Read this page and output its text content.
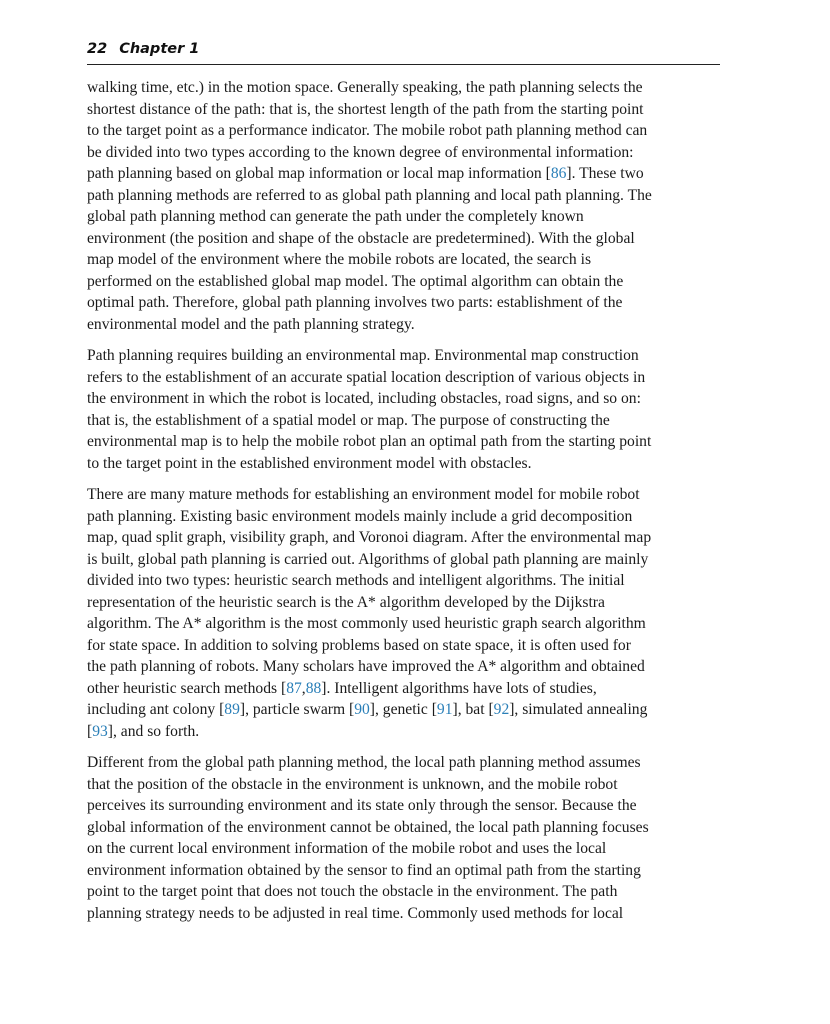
22 Chapter 1
walking time, etc.) in the motion space. Generally speaking, the path planning selects the
shortest distance of the path: that is, the shortest length of the path from the starting point
to the target point as a performance indicator. The mobile robot path planning method can
be divided into two types according to the known degree of environmental information:
path planning based on global map information or local map information [86]. These two
path planning methods are referred to as global path planning and local path planning. The
global path planning method can generate the path under the completely known
environment (the position and shape of the obstacle are predetermined). With the global
map model of the environment where the mobile robots are located, the search is
performed on the established global map model. The optimal algorithm can obtain the
optimal path. Therefore, global path planning involves two parts: establishment of the
environmental model and the path planning strategy.
Path planning requires building an environmental map. Environmental map construction
refers to the establishment of an accurate spatial location description of various objects in
the environment in which the robot is located, including obstacles, road signs, and so on:
that is, the establishment of a spatial model or map. The purpose of constructing the
environmental map is to help the mobile robot plan an optimal path from the starting point
to the target point in the established environment model with obstacles.
There are many mature methods for establishing an environment model for mobile robot
path planning. Existing basic environment models mainly include a grid decomposition
map, quad split graph, visibility graph, and Voronoi diagram. After the environmental map
is built, global path planning is carried out. Algorithms of global path planning are mainly
divided into two types: heuristic search methods and intelligent algorithms. The initial
representation of the heuristic search is the A* algorithm developed by the Dijkstra
algorithm. The A* algorithm is the most commonly used heuristic graph search algorithm
for state space. In addition to solving problems based on state space, it is often used for
the path planning of robots. Many scholars have improved the A* algorithm and obtained
other heuristic search methods [87,88]. Intelligent algorithms have lots of studies,
including ant colony [89], particle swarm [90], genetic [91], bat [92], simulated annealing
[93], and so forth.
Different from the global path planning method, the local path planning method assumes
that the position of the obstacle in the environment is unknown, and the mobile robot
perceives its surrounding environment and its state only through the sensor. Because the
global information of the environment cannot be obtained, the local path planning focuses
on the current local environment information of the mobile robot and uses the local
environment information obtained by the sensor to find an optimal path from the starting
point to the target point that does not touch the obstacle in the environment. The path
planning strategy needs to be adjusted in real time. Commonly used methods for local
